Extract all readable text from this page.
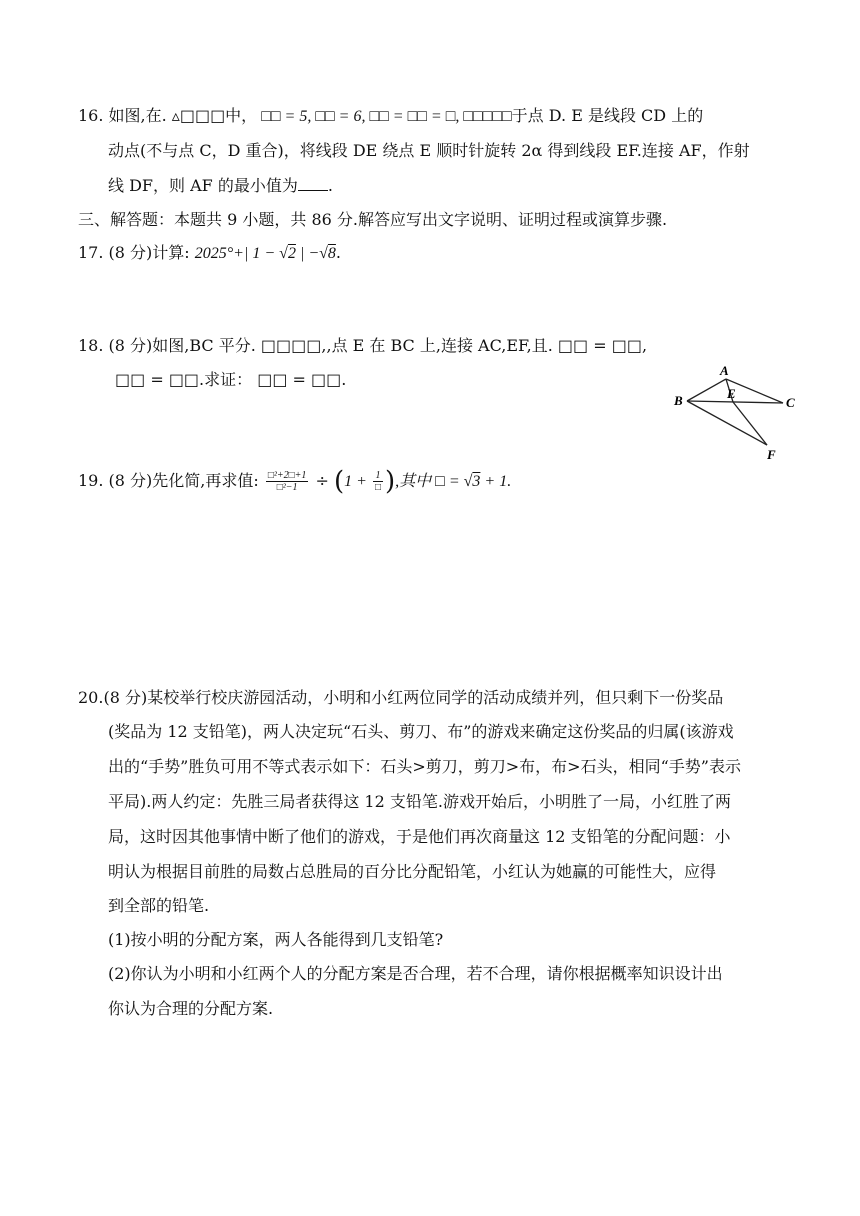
16. 如图,在. ▵□□□中， □□ = 5, □□ = 6, □□ = □□ = □, □□□□□于点 D. E 是线段 CD 上的
动点(不与点 C，D 重合)，将线段 DE 绕点 E 顺时针旋转 2α 得到线段 EF.连接 AF，作射
线 DF，则 AF 的最小值为 .
三、解答题：本题共 9 小题，共 86 分.解答应写出文字说明、证明过程或演算步骤.
17. (8 分)计算: 2025°+| 1 − √2 | −√8.
18. (8 分)如图,BC 平分. □□□□,,点 E 在 BC 上,连接 AC,EF,且. □□ = □□,
□□ = □□.求证： □□ = □□.	A
B	C
E
F
19. (8 分)先化简,再求值: $\frac{\text{□²+2□+1}}{\text{□²−1}} \div (1 + \frac{1}{□}$ ),其中 □ = √3 + 1.
20.(8 分)某校举行校庆游园活动，小明和小红两位同学的活动成绩并列，但只剩下一份奖品
(奖品为 12 支铅笔)，两人决定玩“石头、剪刀、布”的游戏来确定这份奖品的归属(该游戏
出的“手势”胜负可用不等式表示如下：石头>剪刀，剪刀>布，布>石头，相同“手势”表示
平局).两人约定：先胜三局者获得这 12 支铅笔.游戏开始后，小明胜了一局，小红胜了两
局，这时因其他事情中断了他们的游戏，于是他们再次商量这 12 支铅笔的分配问题：小
明认为根据目前胜的局数占总胜局的百分比分配铅笔，小红认为她赢的可能性大，应得
到全部的铅笔.
(1)按小明的分配方案，两人各能得到几支铅笔?
(2)你认为小明和小红两个人的分配方案是否合理，若不合理，请你根据概率知识设计出
你认为合理的分配方案.
